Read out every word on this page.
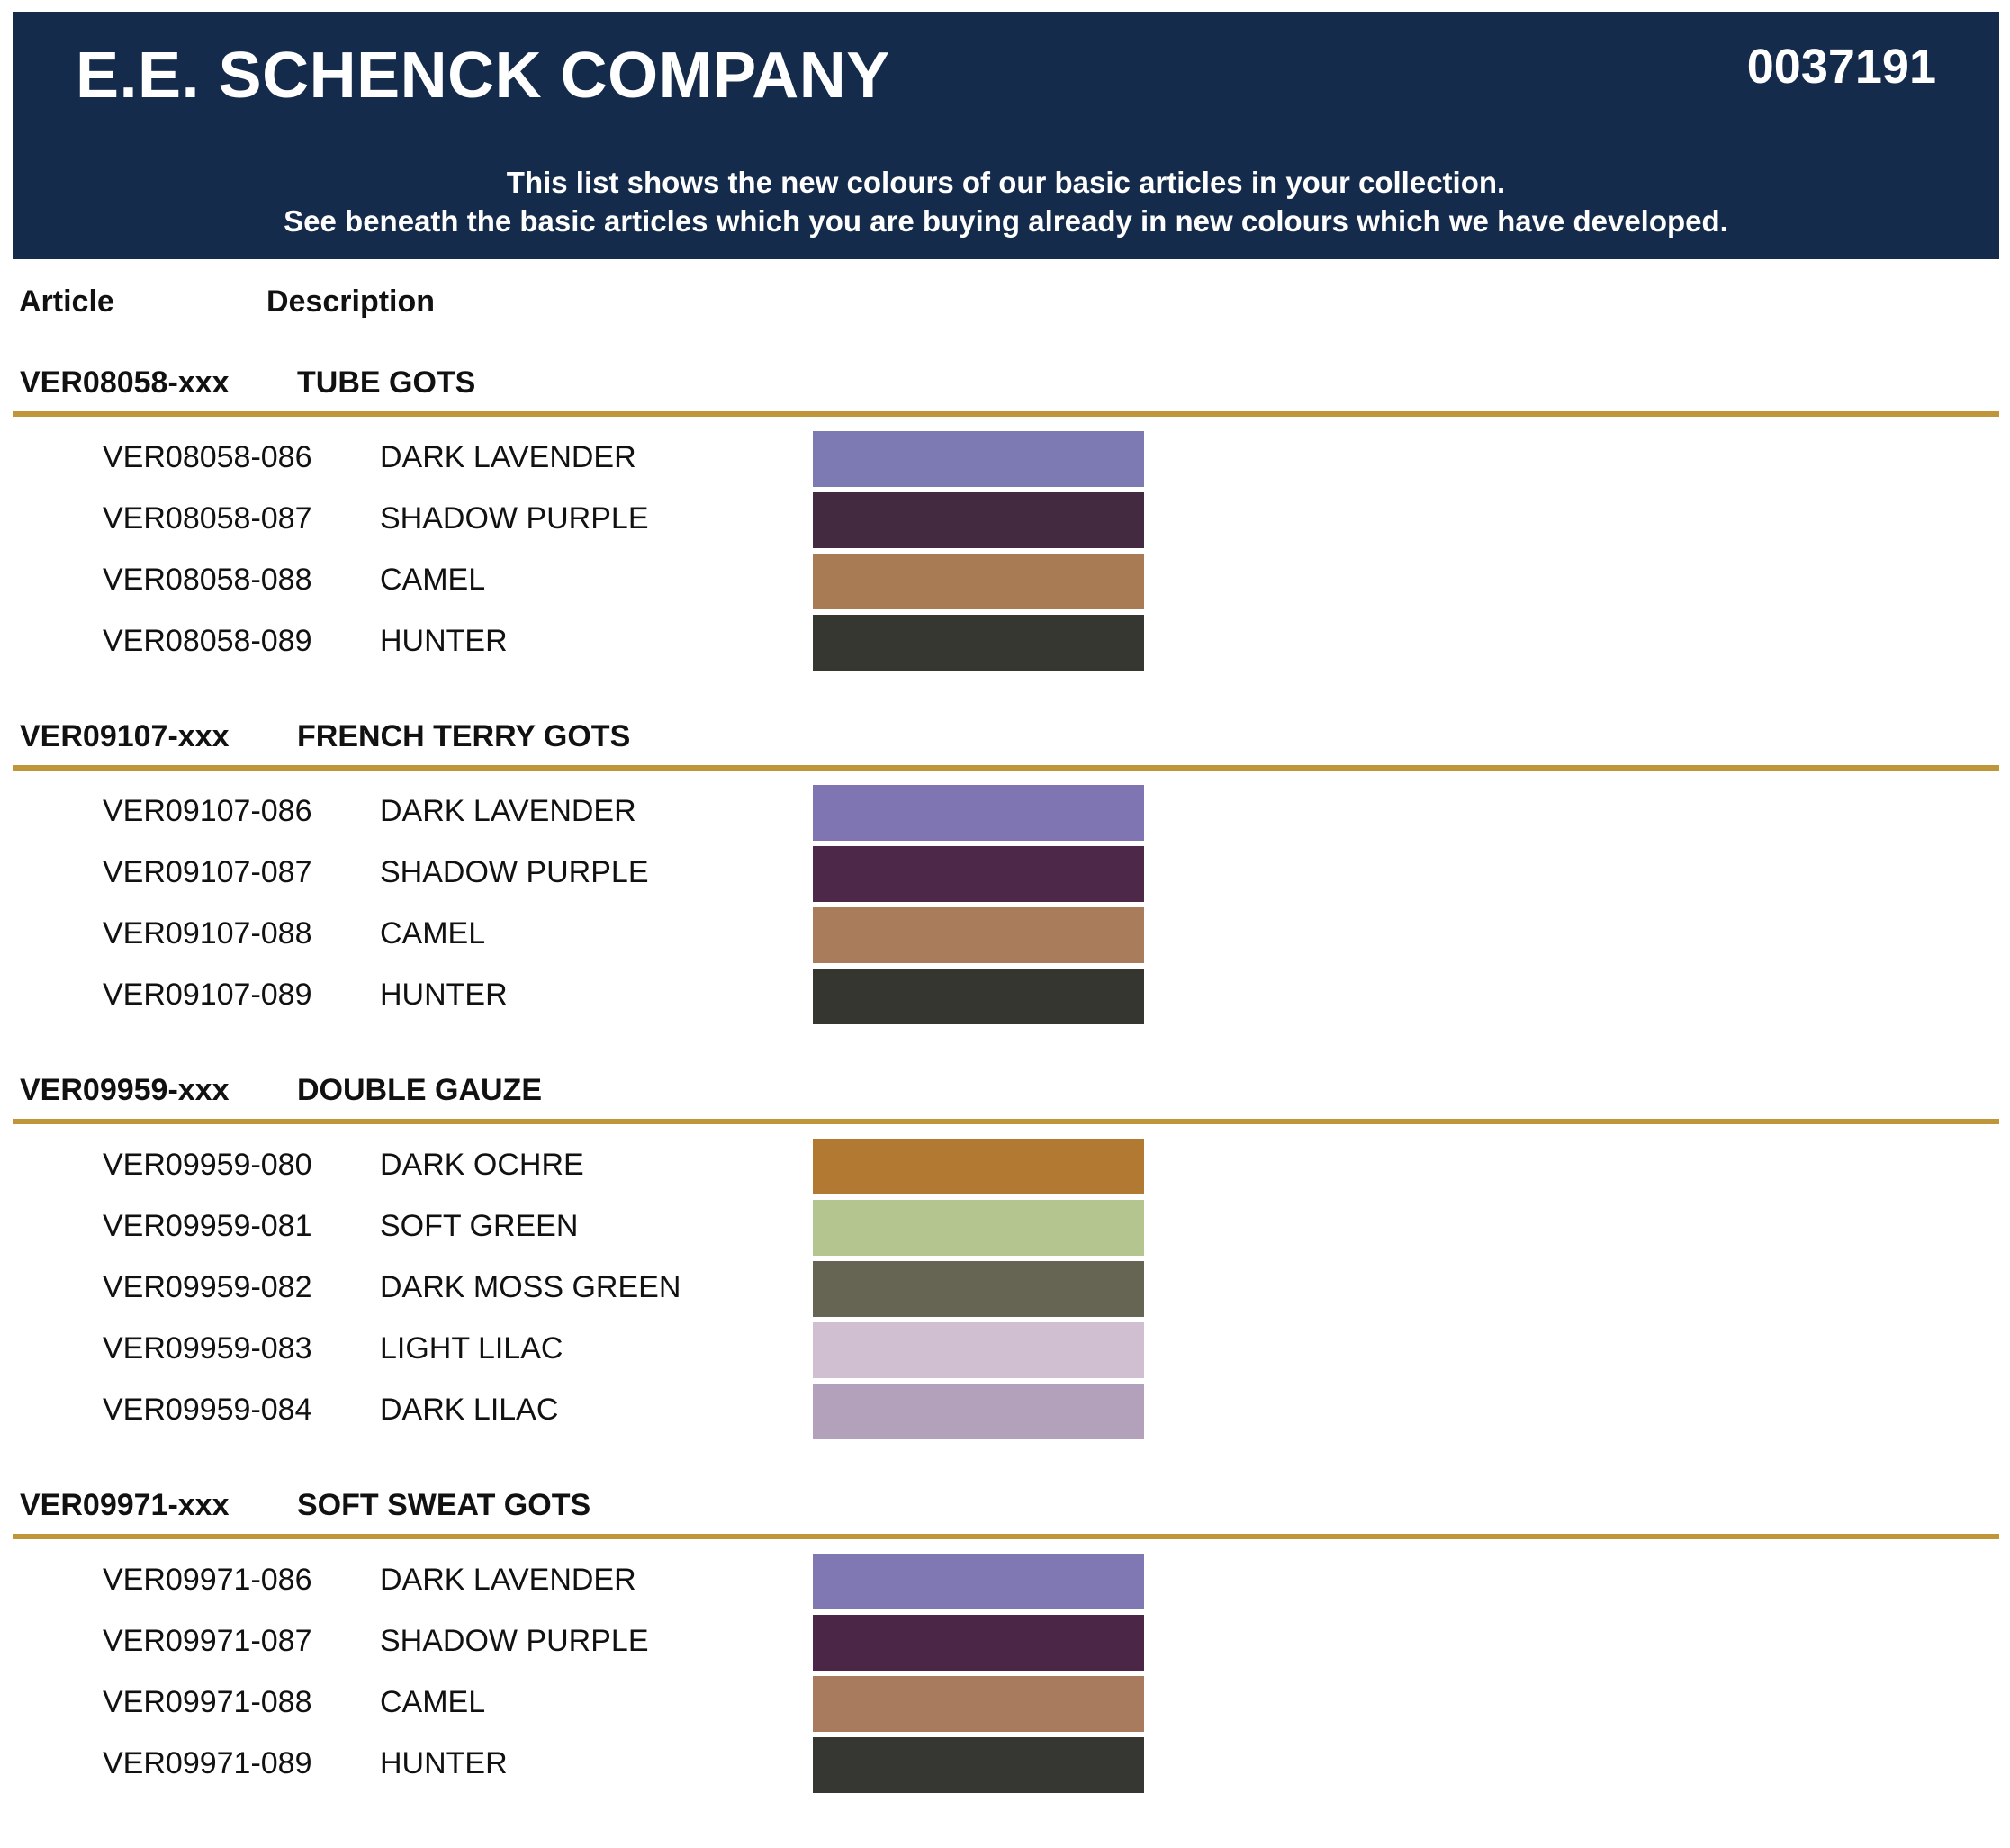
E.E. SCHENCK COMPANY	0037191
This list shows the new colours of our basic articles in your collection.
See beneath the basic articles which you are buying already in new colours which we have developed.
Article	Description
VER08058-xxx TUBE GOTS
VER08058-086 DARK LAVENDER
VER08058-087 SHADOW PURPLE
VER08058-088 CAMEL
VER08058-089 HUNTER
VER09107-xxx FRENCH TERRY GOTS
VER09107-086 DARK LAVENDER
VER09107-087 SHADOW PURPLE
VER09107-088 CAMEL
VER09107-089 HUNTER
VER09959-xxx DOUBLE GAUZE
VER09959-080 DARK OCHRE
VER09959-081 SOFT GREEN
VER09959-082 DARK MOSS GREEN
VER09959-083 LIGHT LILAC
VER09959-084 DARK LILAC
VER09971-xxx SOFT SWEAT GOTS
VER09971-086 DARK LAVENDER
VER09971-087 SHADOW PURPLE
VER09971-088 CAMEL
VER09971-089 HUNTER
